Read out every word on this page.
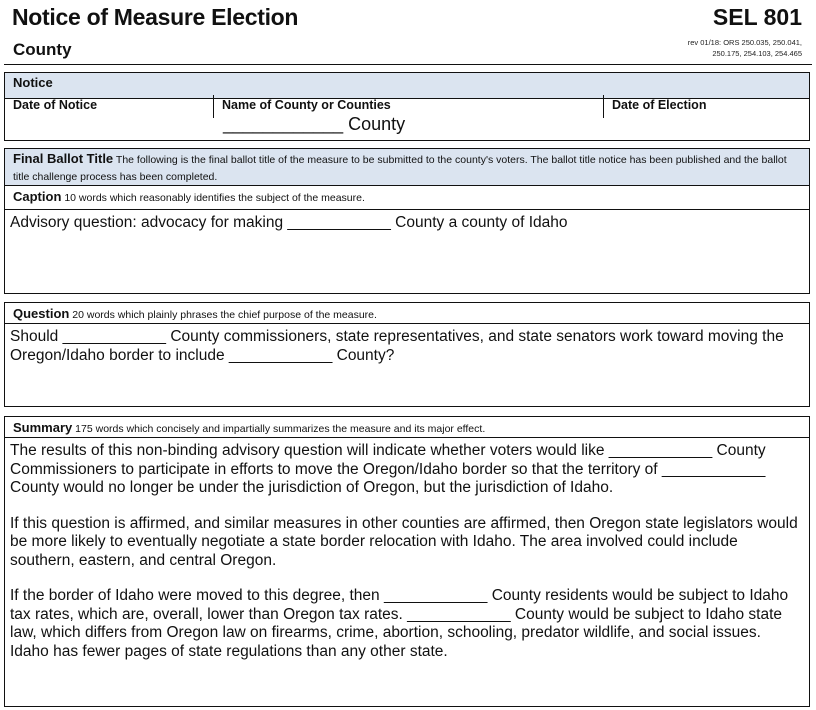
Notice of Measure Election
County
SEL 801
rev 01/18: ORS 250.035, 250.041,
250.175, 254.103, 254.465
Notice
Date of Notice	Name of County or Counties
____________ County
Date of Election
Final Ballot Title The following is the final ballot title of the measure to be submitted to the county's voters. The ballot title notice has been published and the ballot title challenge process has been completed.
Caption 10 words which reasonably identifies the subject of the measure.
Advisory question: advocacy for making ____________ County a county of Idaho
Question 20 words which plainly phrases the chief purpose of the measure.
Should ____________ County commissioners, state representatives, and state senators work toward moving the Oregon/Idaho border to include ____________ County?
Summary 175 words which concisely and impartially summarizes the measure and its major effect.

The results of this non-binding advisory question will indicate whether voters would like ____________ County Commissioners to participate in efforts to move the Oregon/Idaho border so that the territory of ____________ County would no longer be under the jurisdiction of Oregon, but the jurisdiction of Idaho.

If this question is affirmed, and similar measures in other counties are affirmed, then Oregon state legislators would be more likely to eventually negotiate a state border relocation with Idaho. The area involved could include southern, eastern, and central Oregon.

If the border of Idaho were moved to this degree, then ____________ County residents would be subject to Idaho tax rates, which are, overall, lower than Oregon tax rates. ____________ County would be subject to Idaho state law, which differs from Oregon law on firearms, crime, abortion, schooling, predator wildlife, and social issues. Idaho has fewer pages of state regulations than any other state.
